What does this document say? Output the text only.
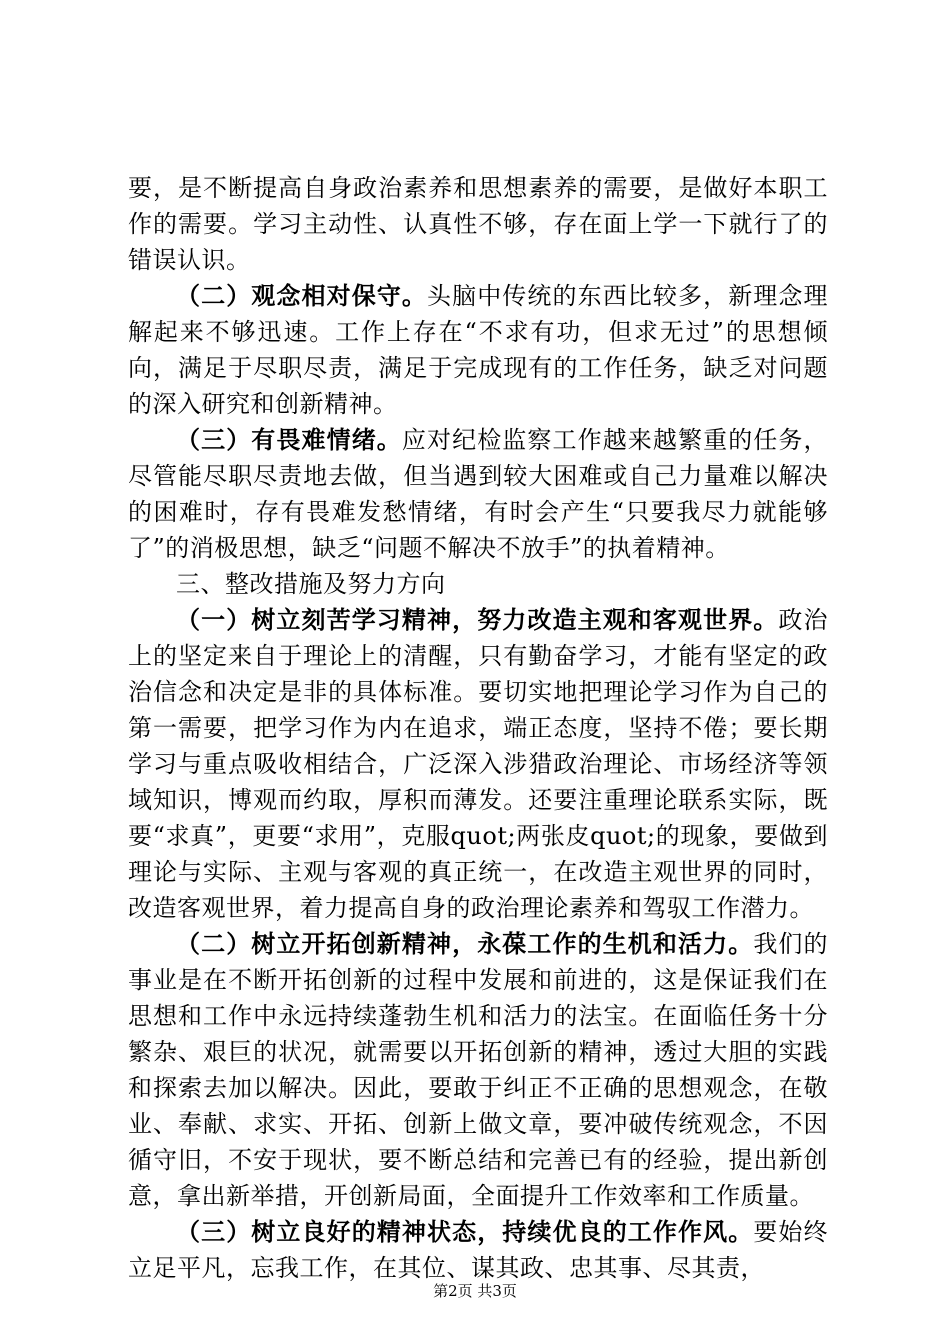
要，是不断提高自身政治素养和思想素养的需要，是做好本职工作的需要。学习主动性、认真性不够，存在面上学一下就行了的错误认识。

（二）观念相对保守。头脑中传统的东西比较多，新理念理解起来不够迅速。工作上存在“不求有功，但求无过”的思想倾向，满足于尽职尽责，满足于完成现有的工作任务，缺乏对问题的深入研究和创新精神。

（三）有畏难情绪。应对纪检监察工作越来越繁重的任务，尽管能尽职尽责地去做，但当遇到较大困难或自己力量难以解决的困难时，存有畏难发愁情绪，有时会产生“只要我尽力就能够了”的消极思想，缺乏“问题不解决不放手”的执着精神。

三、整改措施及努力方向

（一）树立刻苦学习精神，努力改造主观和客观世界。政治上的坚定来自于理论上的清醒，只有勤奋学习，才能有坚定的政治信念和决定是非的具体标准。要切实地把理论学习作为自己的第一需要，把学习作为内在追求，端正态度，坚持不倦；要长期学习与重点吸收相结合，广泛深入涉猎政治理论、市场经济等领域知识，博观而约取，厚积而薄发。还要注重理论联系实际，既要“求真”，更要“求用”，克服quot;两张皮quot;的现象，要做到理论与实际、主观与客观的真正统一，在改造主观世界的同时，改造客观世界，着力提高自身的政治理论素养和驾驭工作潜力。

（二）树立开拓创新精神，永葆工作的生机和活力。我们的事业是在不断开拓创新的过程中发展和前进的，这是保证我们在思想和工作中永远持续蓬勃生机和活力的法宝。在面临任务十分繁杂、艰巨的状况，就需要以开拓创新的精神，透过大胆的实践和探索去加以解决。因此，要敢于纠正不正确的思想观念，在敬业、奉献、求实、开拓、创新上做文章，要冲破传统观念，不因循守旧，不安于现状，要不断总结和完善已有的经验，提出新创意，拿出新举措，开创新局面，全面提升工作效率和工作质量。

（三）树立良好的精神状态，持续优良的工作作风。要始终立足平凡，忘我工作，在其位、谋其政、忠其事、尽其责，

第2页 共3页
